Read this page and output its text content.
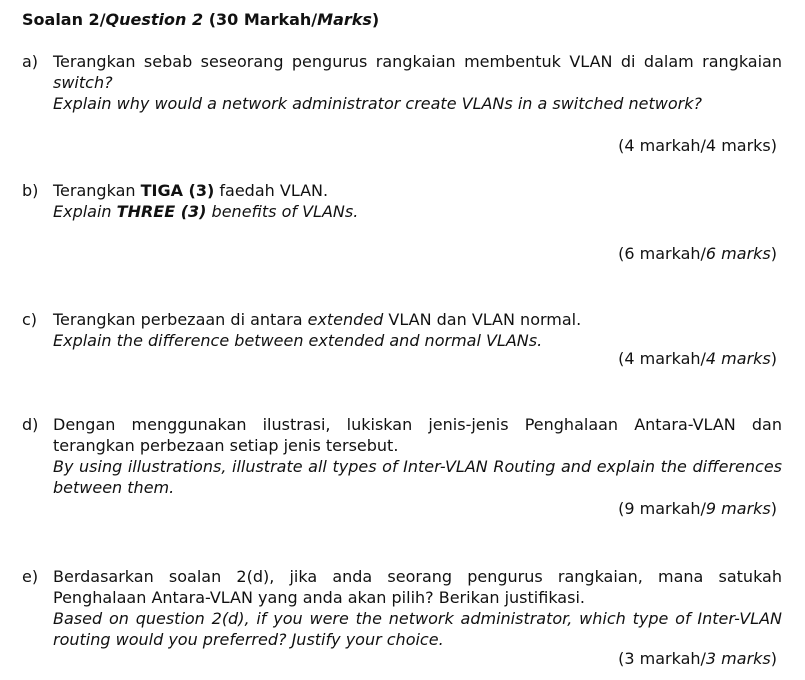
Soalan 2/Question 2 (30 Markah/Marks)
a) Terangkan sebab seseorang pengurus rangkaian membentuk VLAN di dalam rangkaian
switch?
Explain why would a network administrator create VLANs in a switched network?
(4 markah/4 marks)
b) Terangkan TIGA (3) faedah VLAN.
Explain THREE (3) benefits of VLANs.
(6 markah/6 marks)
c) Terangkan perbezaan di antara extended VLAN dan VLAN normal.
Explain the difference between extended and normal VLANs.
(4 markah/4 marks)
d) Dengan menggunakan ilustrasi, lukiskan jenis-jenis Penghalaan Antara-VLAN dan terangkan perbezaan setiap jenis tersebut.
By using illustrations, illustrate all types of Inter-VLAN Routing and explain the differences between them.
(9 markah/9 marks)
e) Berdasarkan soalan 2(d), jika anda seorang pengurus rangkaian, mana satukah Penghalaan Antara-VLAN yang anda akan pilih? Berikan justifikasi.
Based on question 2(d), if you were the network administrator, which type of Inter-VLAN routing would you preferred? Justify your choice.
(3 markah/3 marks)
